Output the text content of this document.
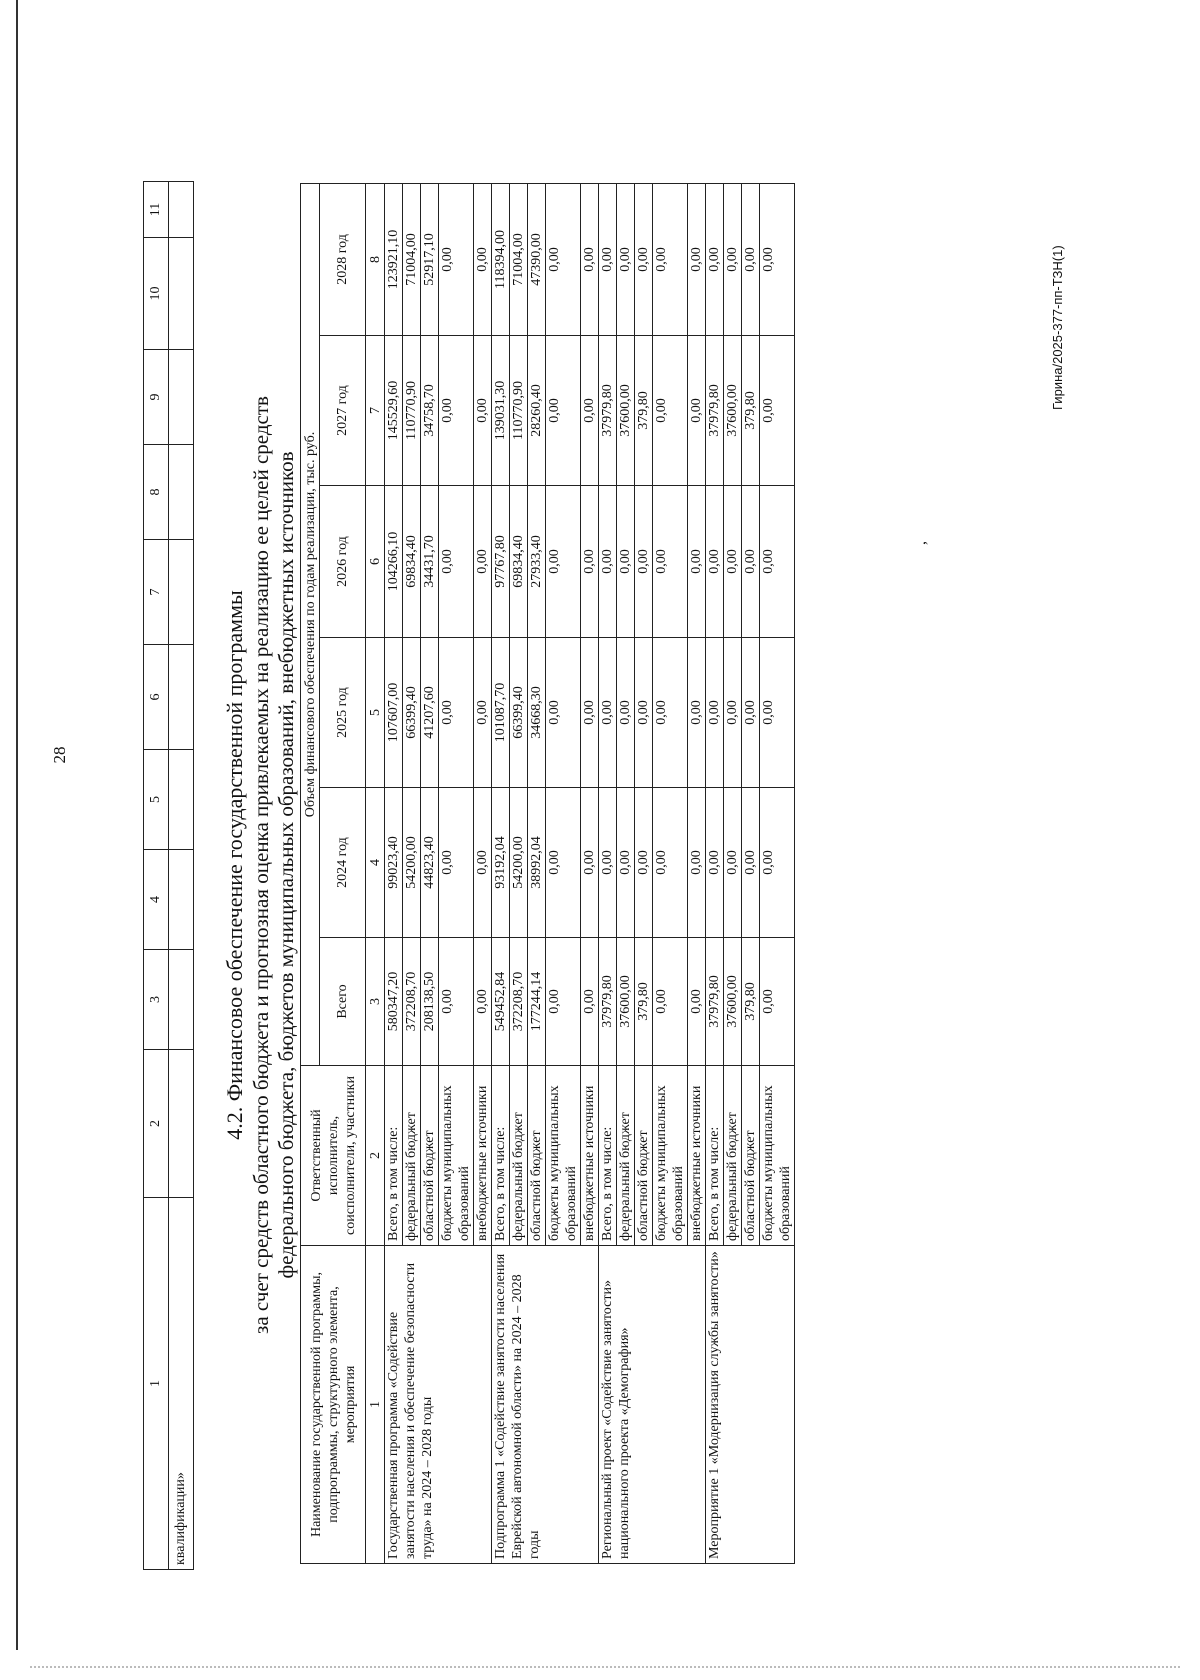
28
1	2	3	4	5	6	7	8	9	10	11
квалификации»										
4.2. Финансовое обеспечение государственной программы за счет средств областного бюджета и прогнозная оценка привлекаемых на реализацию ее целей средств федерального бюджета, бюджетов муниципальных образований, внебюджетных источников
Наименование государственной программы, подпрограммы, структурного элемента, мероприятия	Ответственный исполнитель, соисполнители, участники	Объем финансового обеспечения по годам реализации, тыс. руб.					
		Всего	2024 год	2025 год	2026 год	2027 год	2028 год
1	2	3	4	5	6	7	8
Государственная программа «Содействие занятости населения и обеспечение безопасности труда» на 2024 – 2028 годы	Всего, в том числе:	580347,20	99023,40	107607,00	104266,10	145529,60	123921,10
	федеральный бюджет	372208,70	54200,00	66399,40	69834,40	110770,90	71004,00
	областной бюджет	208138,50	44823,40	41207,60	34431,70	34758,70	52917,10
	бюджеты муниципальных образований	0,00	0,00	0,00	0,00	0,00	0,00
	внебюджетные источники	0,00	0,00	0,00	0,00	0,00	0,00
Подпрограмма 1 «Содействие занятости населения Еврейской автономной области» на 2024 – 2028 годы	Всего, в том числе:	549452,84	93192,04	101087,70	97767,80	139031,30	118394,00
	федеральный бюджет	372208,70	54200,00	66399,40	69834,40	110770,90	71004,00
	областной бюджет	177244,14	38992,04	34668,30	27933,40	28260,40	47390,00
	бюджеты муниципальных образований	0,00	0,00	0,00	0,00	0,00	0,00
	внебюджетные источники	0,00	0,00	0,00	0,00	0,00	0,00
Региональный проект «Содействие занятости» национального проекта «Демография»	Всего, в том числе:	37979,80	0,00	0,00	0,00	37979,80	0,00
	федеральный бюджет	37600,00	0,00	0,00	0,00	37600,00	0,00
	областной бюджет	379,80	0,00	0,00	0,00	379,80	0,00
	бюджеты муниципальных образований	0,00	0,00	0,00	0,00	0,00	0,00
	внебюджетные источники	0,00	0,00	0,00	0,00	0,00	0,00
Мероприятие 1 «Модернизация службы занятости»	Всего, в том числе:	37979,80	0,00	0,00	0,00	37979,80	0,00
	федеральный бюджет	37600,00	0,00	0,00	0,00	37600,00	0,00
	областной бюджет	379,80	0,00	0,00	0,00	379,80	0,00
	бюджеты муниципальных образований	0,00	0,00	0,00	0,00	0,00	0,00
,
Гирина/2025-377-пп-ТЗН(1)
